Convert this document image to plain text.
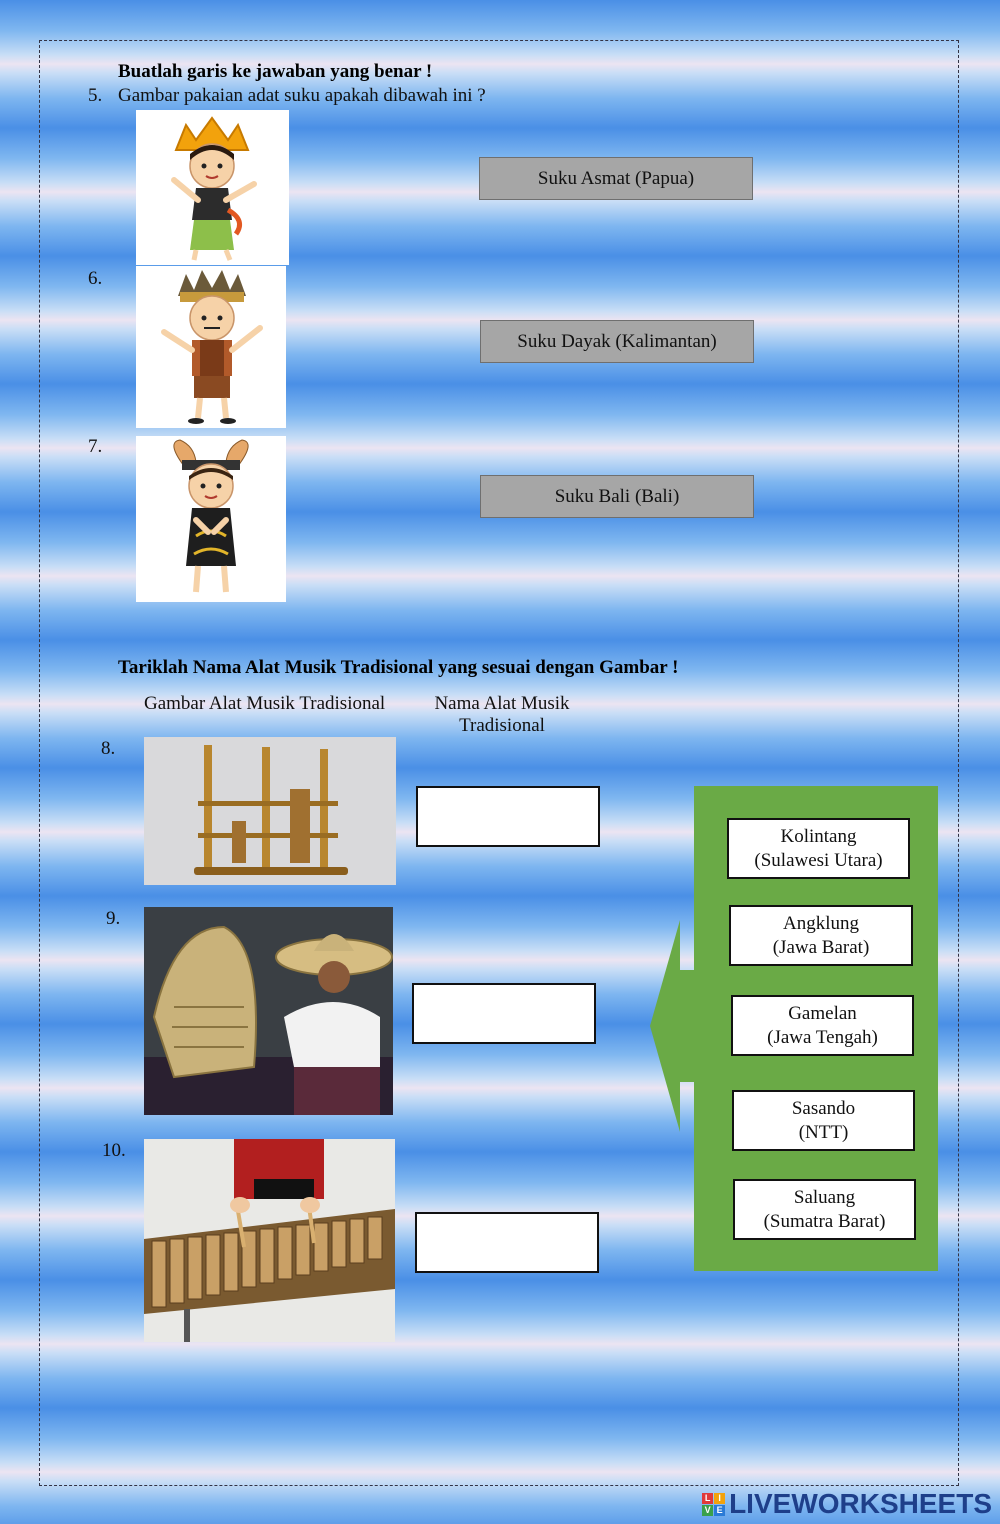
Buatlah garis ke jawaban yang benar !
5. Gambar pakaian adat suku apakah dibawah ini ?
Suku Asmat (Papua)
6.
Suku Dayak (Kalimantan)
7.
Suku Bali (Bali)
Tariklah Nama Alat Musik Tradisional yang sesuai dengan Gambar !
Gambar Alat Musik Tradisional	Nama Alat Musik
Tradisional
8.
9.
10.
Kolintang
(Sulawesi Utara)
Angklung
(Jawa Barat)
Gamelan
(Jawa Tengah)
Sasando
(NTT)
Saluang
(Sumatra Barat)
L I
V E LIVEWORKSHEETS
